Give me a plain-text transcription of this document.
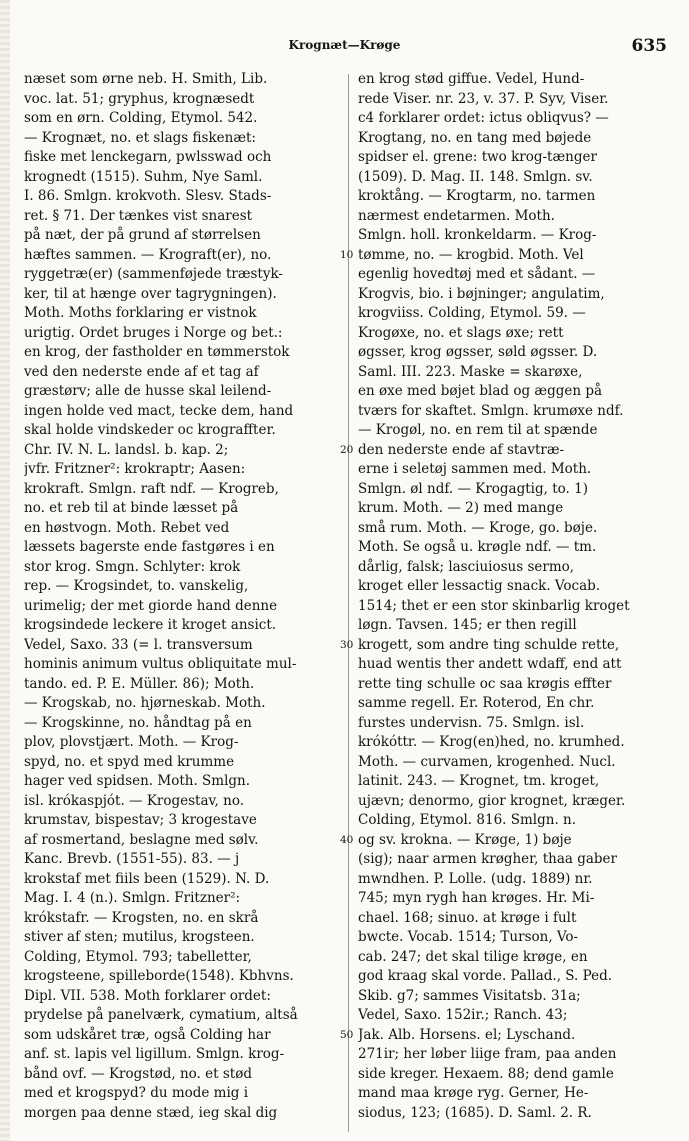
Krognæt—Krøge	635
næset som ørne neb. H. Smith, Lib.
voc. lat. 51; gryphus, krognæsedt
som en ørn. Colding, Etymol. 542.
— Krognæt, no. et slags fiskenæt:
fiske met lenckegarn, pwlsswad och
krognedt (1515). Suhm, Nye Saml.
I. 86. Smlgn. krokvoth. Slesv. Stads-
ret. § 71. Der tænkes vist snarest
på næt, der på grund af størrelsen
hæftes sammen. — Krograft(er), no.
ryggetræ(er) (sammenføjede træstyk-
ker, til at hænge over tagrygningen).
Moth. Moths forklaring er vistnok
urigtig. Ordet bruges i Norge og bet.:
en krog, der fastholder en tømmerstok
ved den nederste ende af et tag af
græstørv; alle de husse skal leilend-
ingen holde ved mact, tecke dem, hand
skal holde vindskeder oc krograffter.
Chr. IV. N. L. landsl. b. kap. 2;
jvfr. Fritzner²: krokraptr; Aasen:
krokraft. Smlgn. raft ndf. — Krogreb,
no. et reb til at binde læsset på
en høstvogn. Moth. Rebet ved
læssets bagerste ende fastgøres i en
stor krog. Smgn. Schlyter: krok
rep. — Krogsindet, to. vanskelig,
urimelig; der met giorde hand denne
krogsindede leckere it kroget ansict.
Vedel, Saxo. 33 (= l. transversum
hominis animum vultus obliquitate mul-
tando. ed. P. E. Müller. 86); Moth.
— Krogskab, no. hjørneskab. Moth.
— Krogskinne, no. håndtag på en
plov, plovstjært. Moth. — Krog-
spyd, no. et spyd med krumme
hager ved spidsen. Moth. Smlgn.
isl. krókaspjót. — Krogestav, no.
krumstav, bispestav; 3 krogestave
af rosmertand, beslagne med sølv.
Kanc. Brevb. (1551-55). 83. — j
krokstaf met fiils been (1529). N. D.
Mag. I. 4 (n.). Smlgn. Fritzner²:
krókstafr. — Krogsten, no. en skrå
stiver af sten; mutilus, krogsteen.
Colding, Etymol. 793; tabelletter,
krogsteene, spilleborde(1548). Kbhvns.
Dipl. VII. 538. Moth forklarer ordet:
prydelse på panelværk, cymatium, altså
som udskåret træ, også Colding har
anf. st. lapis vel ligillum. Smlgn. krog-
bånd ovf. — Krogstød, no. et stød
med et krogspyd? du mode mig i
morgen paa denne stæd, ieg skal dig
en krog stød giffue. Vedel, Hund-
rede Viser. nr. 23, v. 37. P. Syv, Viser.
c4 forklarer ordet: ictus obliqvus? —
Krogtang, no. en tang med bøjede
spidser el. grene: two krog-tænger
(1509). D. Mag. II. 148. Smlgn. sv.
kroktång. — Krogtarm, no. tarmen
nærmest endetarmen. Moth.
Smlgn. holl. kronkeldarm. — Krog-
tømme, no. — krogbid. Moth. Vel
egenlig hovedtøj med et sådant. —
Krogvis, bio. i bøjninger; angulatim,
krogviiss. Colding, Etymol. 59. —
Krogøxe, no. et slags øxe; rett
øgsser, krog øgsser, søld øgsser. D.
Saml. III. 223. Maske = skarøxe,
en øxe med bøjet blad og æggen på
tværs for skaftet. Smlgn. krumøxe ndf.
— Krogøl, no. en rem til at spænde
den nederste ende af stavtræ-
erne i seletøj sammen med. Moth.
Smlgn. øl ndf. — Krogagtig, to. 1)
krum. Moth. — 2) med mange
små rum. Moth. — Kroge, go. bøje.
Moth. Se også u. krøgle ndf. — tm.
dårlig, falsk; lasciuiosus sermo,
kroget eller lessactig snack. Vocab.
1514; thet er een stor skinbarlig kroget
løgn. Tavsen. 145; er then regill
krogett, som andre ting schulde rette,
huad wentis ther andett wdaff, end att
rette ting schulle oc saa krøgis effter
samme regell. Er. Roterod, En chr.
furstes undervisn. 75. Smlgn. isl.
krókóttr. — Krog(en)hed, no. krumhed.
Moth. — curvamen, krogenhed. Nucl.
latinit. 243. — Krognet, tm. kroget,
ujævn; denormo, gior krognet, kræger.
Colding, Etymol. 816. Smlgn. n.
og sv. krokna. — Krøge, 1) bøje
(sig); naar armen krøgher, thaa gaber
mwndhen. P. Lolle. (udg. 1889) nr.
745; myn rygh han krøges. Hr. Mi-
chael. 168; sinuo. at krøge i fult
bwcte. Vocab. 1514; Turson, Vo-
cab. 247; det skal tilige krøge, en
god kraag skal vorde. Pallad., S. Ped.
Skib. g7; sammes Visitatsb. 31a;
Vedel, Saxo. 152ir.; Ranch. 43;
Jak. Alb. Horsens. el; Lyschand.
271ir; her løber liige fram, paa anden
side kreger. Hexaem. 88; dend gamle
mand maa krøge ryg. Gerner, He-
siodus, 123; (1685). D. Saml. 2. R.
10
20
30
40
50
